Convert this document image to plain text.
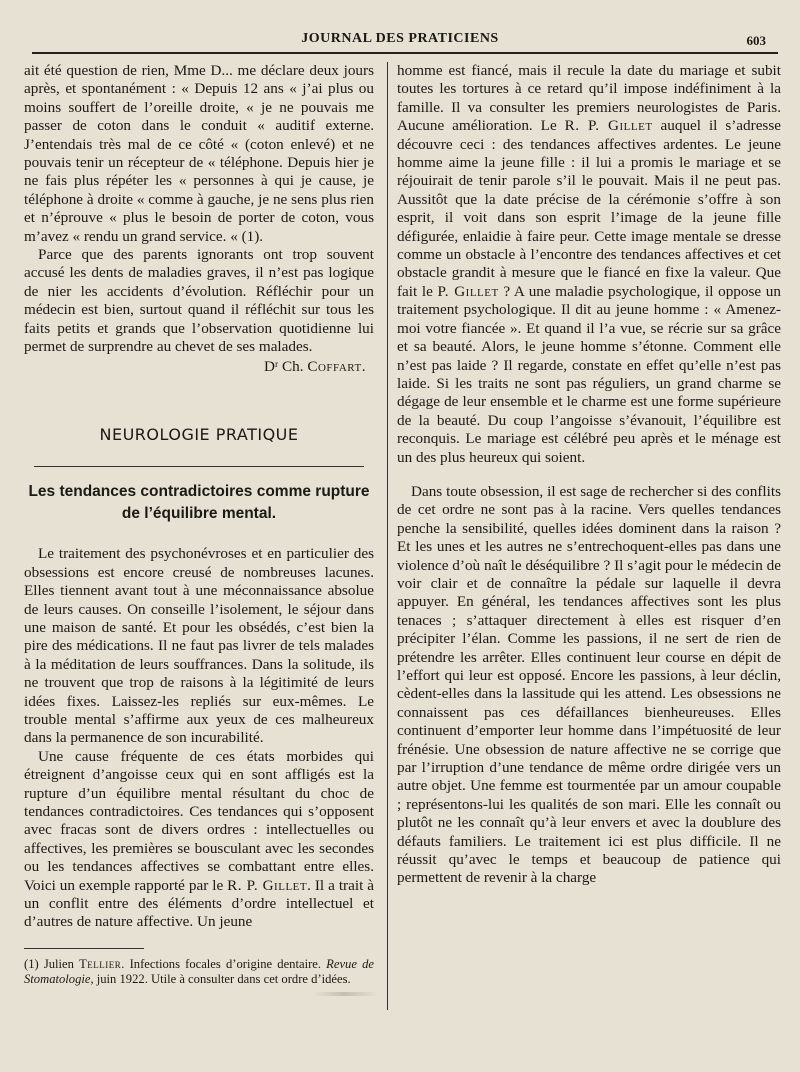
JOURNAL DES PRATICIENS	603

ait été question de rien, Mme D... me déclare deux jours après, et spontanément : « Depuis 12 ans « j’ai plus ou moins souffert de l’oreille droite, « je ne pouvais me passer de coton dans le conduit « auditif externe. J’entendais très mal de ce côté « (coton enlevé) et ne pouvais tenir un récepteur de « téléphone. Depuis hier je ne fais plus répéter les « personnes à qui je cause, je téléphone à droite « comme à gauche, je ne sens plus rien et n’éprouve « plus le besoin de porter de coton, vous m’avez « rendu un grand service. « (1).

Parce que des parents ignorants ont trop souvent accusé les dents de maladies graves, il n’est pas logique de nier les accidents d’évolution. Réfléchir pour un médecin est bien, surtout quand il réfléchit sur tous les faits petits et grands que l’observation quotidienne lui permet de surprendre au chevet de ses malades.

Dʳ Ch. Coffart.
NEUROLOGIE PRATIQUE
Les tendances contradictoires comme rupture
de l’équilibre mental.

Le traitement des psychonévroses et en particulier des obsessions est encore creusé de nombreuses lacunes. Elles tiennent avant tout à une méconnaissance absolue de leurs causes. On conseille l’isolement, le séjour dans une maison de santé. Et pour les obsédés, c’est bien la pire des médications. Il ne faut pas livrer de tels malades à la méditation de leurs souffrances. Dans la solitude, ils ne trouvent que trop de raisons à la légitimité de leurs idées fixes. Laissez-les repliés sur eux-mêmes. Le trouble mental s’affirme aux yeux de ces malheureux dans la permanence de son incurabilité.

Une cause fréquente de ces états morbides qui étreignent d’angoisse ceux qui en sont affligés est la rupture d’un équilibre mental résultant du choc de tendances contradictoires. Ces tendances qui s’opposent avec fracas sont de divers ordres : intellectuelles ou affectives, les premières se bousculant avec les secondes ou les tendances affectives se combattant entre elles. Voici un exemple rapporté par le R. P. Gillet. Il a trait à un conflit entre des éléments d’ordre intellectuel et d’autres de nature affective. Un jeune

(1) Julien Tellier. Infections focales d’origine dentaire. Revue de Stomatologie, juin 1922. Utile à consulter dans cet ordre d’idées.

homme est fiancé, mais il recule la date du mariage et subit toutes les tortures à ce retard qu’il impose indéfiniment à la famille. Il va consulter les premiers neurologistes de Paris. Aucune amélioration. Le R. P. Gillet auquel il s’adresse découvre ceci : des tendances affectives ardentes. Le jeune homme aime la jeune fille : il lui a promis le mariage et se réjouirait de tenir parole s’il le pouvait. Mais il ne peut pas. Aussitôt que la date précise de la cérémonie s’offre à son esprit, il voit dans son esprit l’image de la jeune fille défigurée, enlaidie à faire peur. Cette image mentale se dresse comme un obstacle à l’encontre des tendances affectives et cet obstacle grandit à mesure que le fiancé en fixe la valeur. Que fait le P. Gillet ? A une maladie psychologique, il oppose un traitement psychologique. Il dit au jeune homme : « Amenez-moi votre fiancée ». Et quand il l’a vue, se récrie sur sa grâce et sa beauté. Alors, le jeune homme s’étonne. Comment elle n’est pas laide ? Il regarde, constate en effet qu’elle n’est pas laide. Si les traits ne sont pas réguliers, un grand charme se dégage de leur ensemble et le charme est une forme supérieure de la beauté. Du coup l’angoisse s’évanouit, l’équilibre est reconquis. Le mariage est célébré peu après et le ménage est un des plus heureux qui soient.

Dans toute obsession, il est sage de rechercher si des conflits de cet ordre ne sont pas à la racine. Vers quelles tendances penche la sensibilité, quelles idées dominent dans la raison ? Et les unes et les autres ne s’entrechoquent-elles pas dans une violence d’où naît le déséquilibre ? Il s’agit pour le médecin de voir clair et de connaître la pédale sur laquelle il devra appuyer. En général, les tendances affectives sont les plus tenaces ; s’attaquer directement à elles est risquer d’en précipiter l’élan. Comme les passions, il ne sert de rien de prétendre les arrêter. Elles continuent leur course en dépit de l’effort qui leur est opposé. Encore les passions, à leur déclin, cèdent-elles dans la lassitude qui les attend. Les obsessions ne connaissent pas ces défaillances bienheureuses. Elles continuent d’emporter leur homme dans l’impétuosité de leur frénésie. Une obsession de nature affective ne se corrige que par l’irruption d’une tendance de même ordre dirigée vers un autre objet. Une femme est tourmentée par un amour coupable ; représentons-lui les qualités de son mari. Elle les connaît ou plutôt ne les connaît qu’à leur envers et avec la doublure des défauts familiers. Le traitement ici est plus difficile. Il ne réussit qu’avec le temps et beaucoup de patience qui permettent de revenir à la charge
